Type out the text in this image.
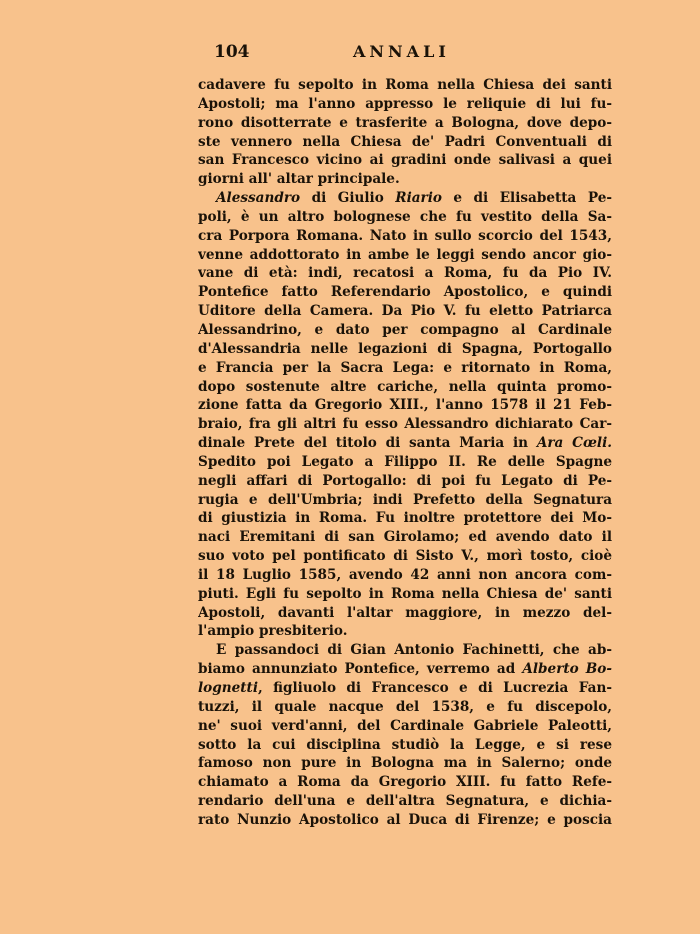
104	ANNALI
cadavere fu sepolto in Roma nella Chiesa dei santi
Apostoli; ma l'anno appresso le reliquie di lui fu-
rono disotterrate e trasferite a Bologna, dove depo-
ste vennero nella Chiesa de' Padri Conventuali di
san Francesco vicino ai gradini onde salivasi a quei
giorni all' altar principale.
Alessandro di Giulio Riario e di Elisabetta Pe-
poli, è un altro bolognese che fu vestito della Sa-
cra Porpora Romana. Nato in sullo scorcio del 1543,
venne addottorato in ambe le leggi sendo ancor gio-
vane di età: indi, recatosi a Roma, fu da Pio IV.
Pontefice fatto Referendario Apostolico, e quindi
Uditore della Camera. Da Pio V. fu eletto Patriarca
Alessandrino, e dato per compagno al Cardinale
d'Alessandria nelle legazioni di Spagna, Portogallo
e Francia per la Sacra Lega: e ritornato in Roma,
dopo sostenute altre cariche, nella quinta promo-
zione fatta da Gregorio XIII., l'anno 1578 il 21 Feb-
braio, fra gli altri fu esso Alessandro dichiarato Car-
dinale Prete del titolo di santa Maria in Ara Cœli.
Spedito poi Legato a Filippo II. Re delle Spagne
negli affari di Portogallo: di poi fu Legato di Pe-
rugia e dell'Umbria; indi Prefetto della Segnatura
di giustizia in Roma. Fu inoltre protettore dei Mo-
naci Eremitani di san Girolamo; ed avendo dato il
suo voto pel pontificato di Sisto V., morì tosto, cioè
il 18 Luglio 1585, avendo 42 anni non ancora com-
piuti. Egli fu sepolto in Roma nella Chiesa de' santi
Apostoli, davanti l'altar maggiore, in mezzo del-
l'ampio presbiterio.
E passandoci di Gian Antonio Fachinetti, che ab-
biamo annunziato Pontefice, verremo ad Alberto Bo-
lognetti, figliuolo di Francesco e di Lucrezia Fan-
tuzzi, il quale nacque del 1538, e fu discepolo,
ne' suoi verd'anni, del Cardinale Gabriele Paleotti,
sotto la cui disciplina studiò la Legge, e si rese
famoso non pure in Bologna ma in Salerno; onde
chiamato a Roma da Gregorio XIII. fu fatto Refe-
rendario dell'una e dell'altra Segnatura, e dichia-
rato Nunzio Apostolico al Duca di Firenze; e poscia
